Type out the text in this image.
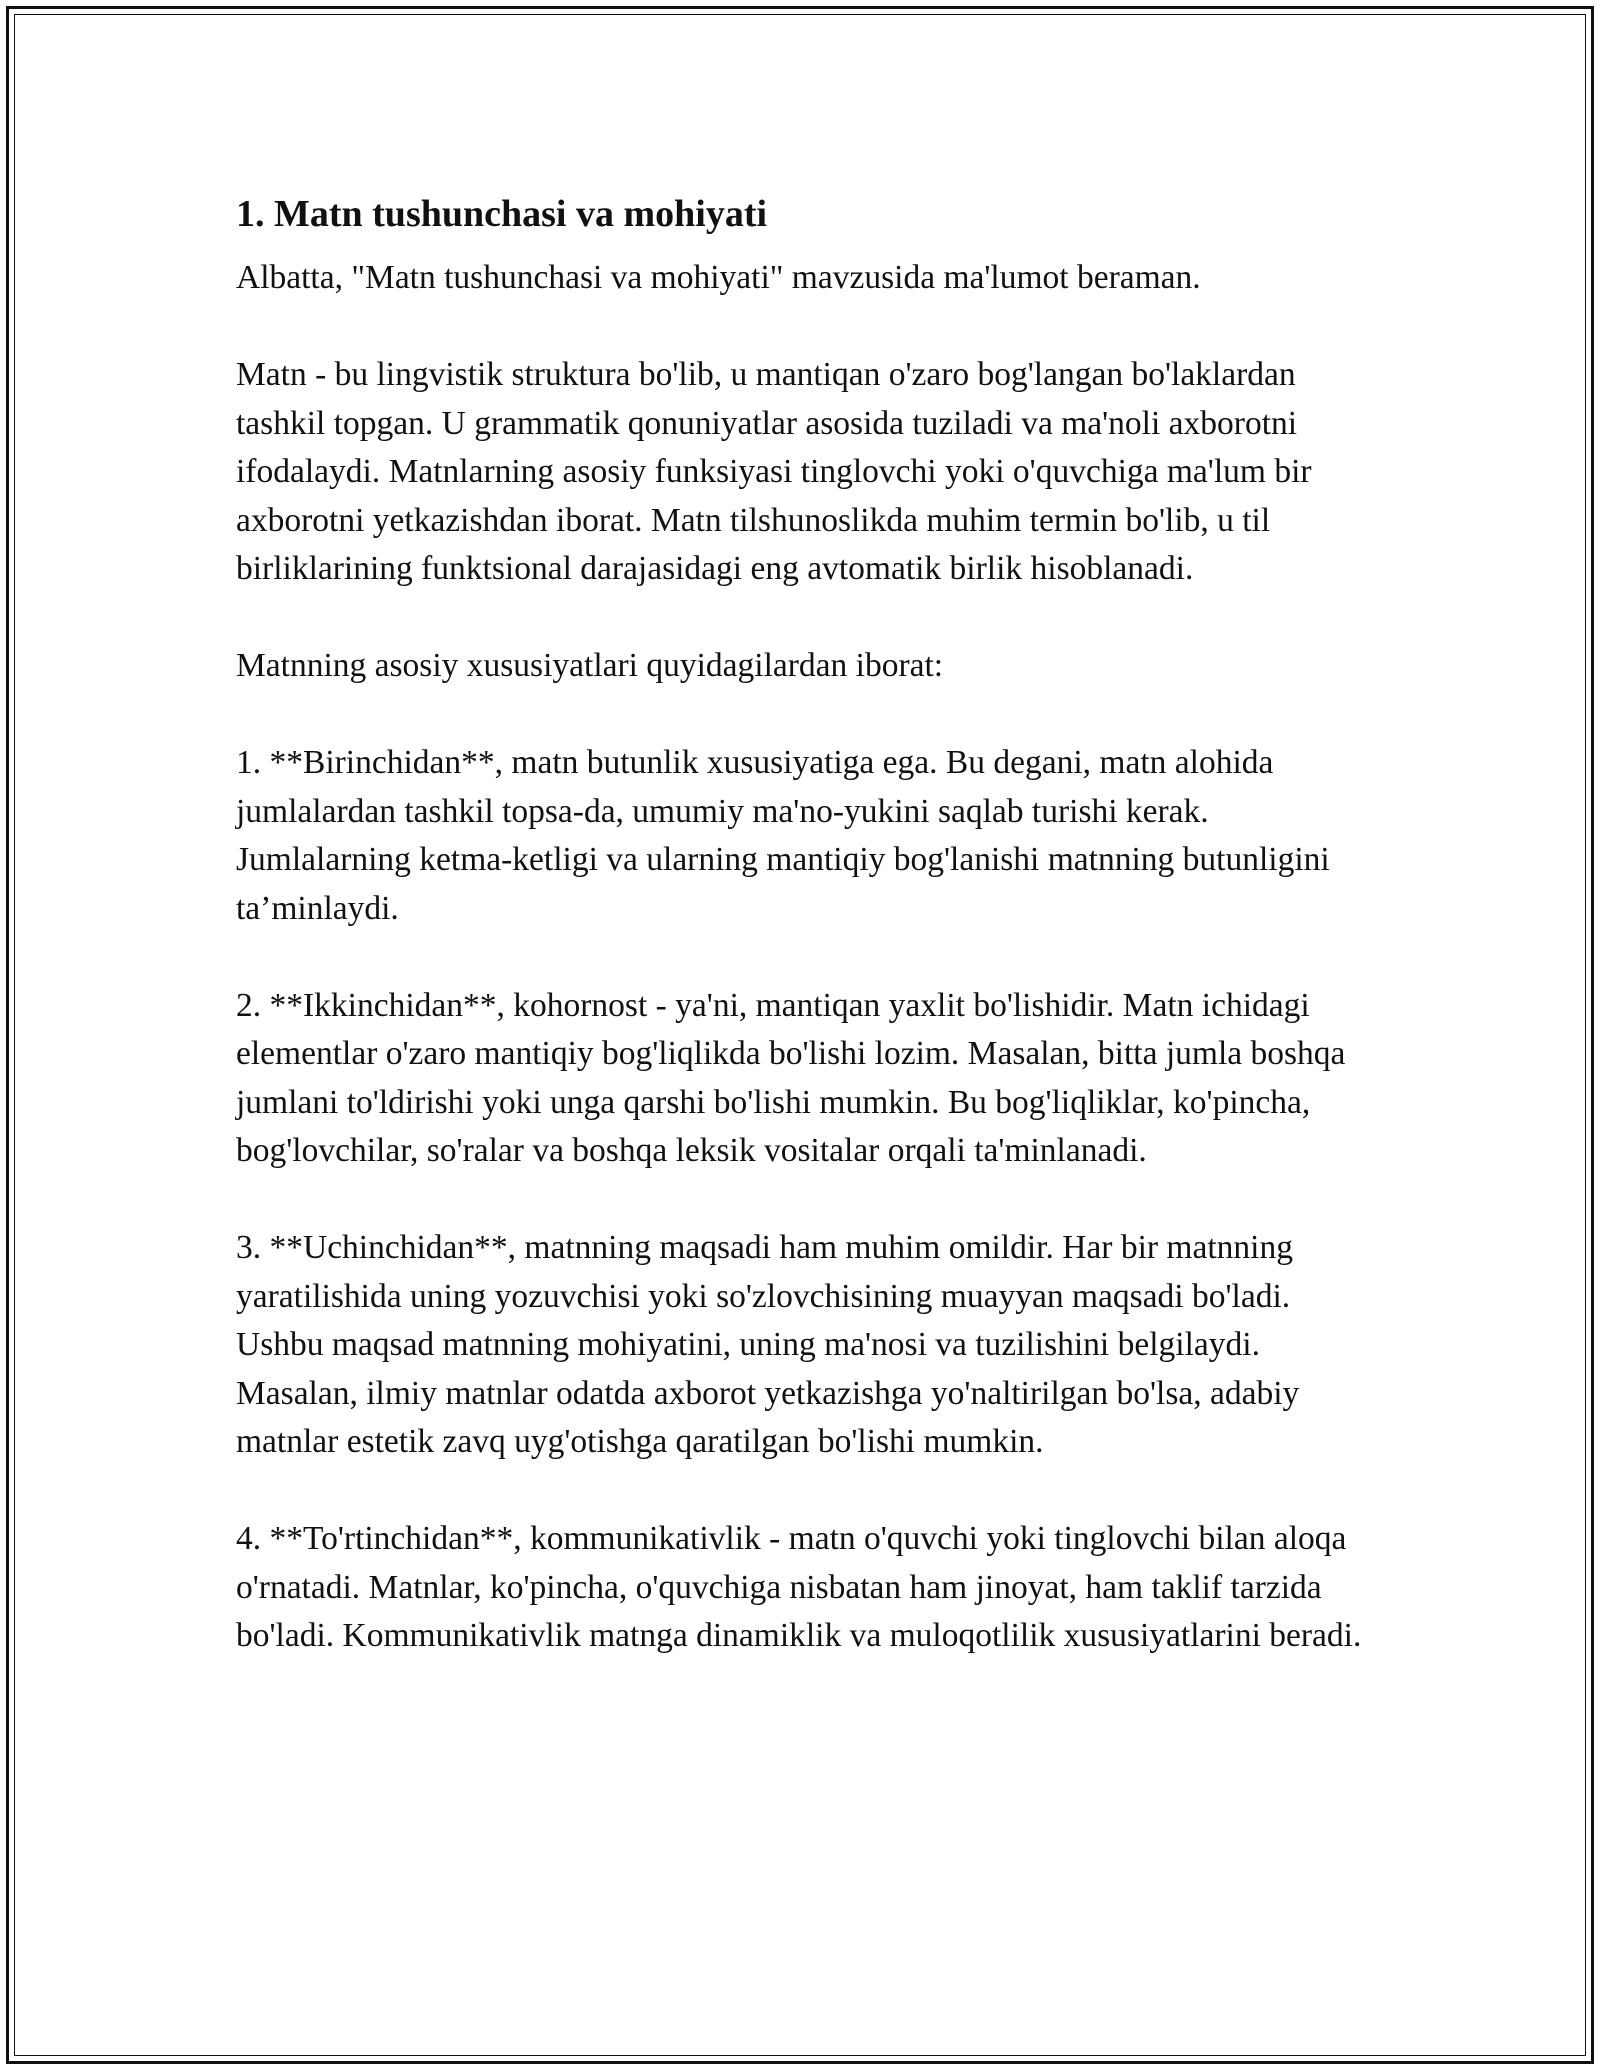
1. Matn tushunchasi va mohiyati

Albatta, "Matn tushunchasi va mohiyati" mavzusida ma'lumot beraman.

Matn - bu lingvistik struktura bo'lib, u mantiqan o'zaro bog'langan bo'laklardan tashkil topgan. U grammatik qonuniyatlar asosida tuziladi va ma'noli axborotni ifodalaydi. Matnlarning asosiy funksiyasi tinglovchi yoki o'quvchiga ma'lum bir axborotni yetkazishdan iborat. Matn tilshunoslikda muhim termin bo'lib, u til birliklarining funktsional darajasidagi eng avtomatik birlik hisoblanadi.

Matnning asosiy xususiyatlari quyidagilardan iborat:

1. **Birinchidan**, matn butunlik xususiyatiga ega. Bu degani, matn alohida jumlalardan tashkil topsa-da, umumiy ma'no-yukini saqlab turishi kerak. Jumlalarning ketma-ketligi va ularning mantiqiy bog'lanishi matnning butunligini ta’minlaydi.

2. **Ikkinchidan**, kohornost - ya'ni, mantiqan yaxlit bo'lishidir. Matn ichidagi elementlar o'zaro mantiqiy bog'liqlikda bo'lishi lozim. Masalan, bitta jumla boshqa jumlani to'ldirishi yoki unga qarshi bo'lishi mumkin. Bu bog'liqliklar, ko'pincha, bog'lovchilar, so'ralar va boshqa leksik vositalar orqali ta'minlanadi.

3. **Uchinchidan**, matnning maqsadi ham muhim omildir. Har bir matnning yaratilishida uning yozuvchisi yoki so'zlovchisining muayyan maqsadi bo'ladi. Ushbu maqsad matnning mohiyatini, uning ma'nosi va tuzilishini belgilaydi. Masalan, ilmiy matnlar odatda axborot yetkazishga yo'naltirilgan bo'lsa, adabiy matnlar estetik zavq uyg'otishga qaratilgan bo'lishi mumkin.

4. **To'rtinchidan**, kommunikativlik - matn o'quvchi yoki tinglovchi bilan aloqa o'rnatadi. Matnlar, ko'pincha, o'quvchiga nisbatan ham jinoyat, ham taklif tarzida bo'ladi. Kommunikativlik matnga dinamiklik va muloqotlilik xususiyatlarini beradi.
